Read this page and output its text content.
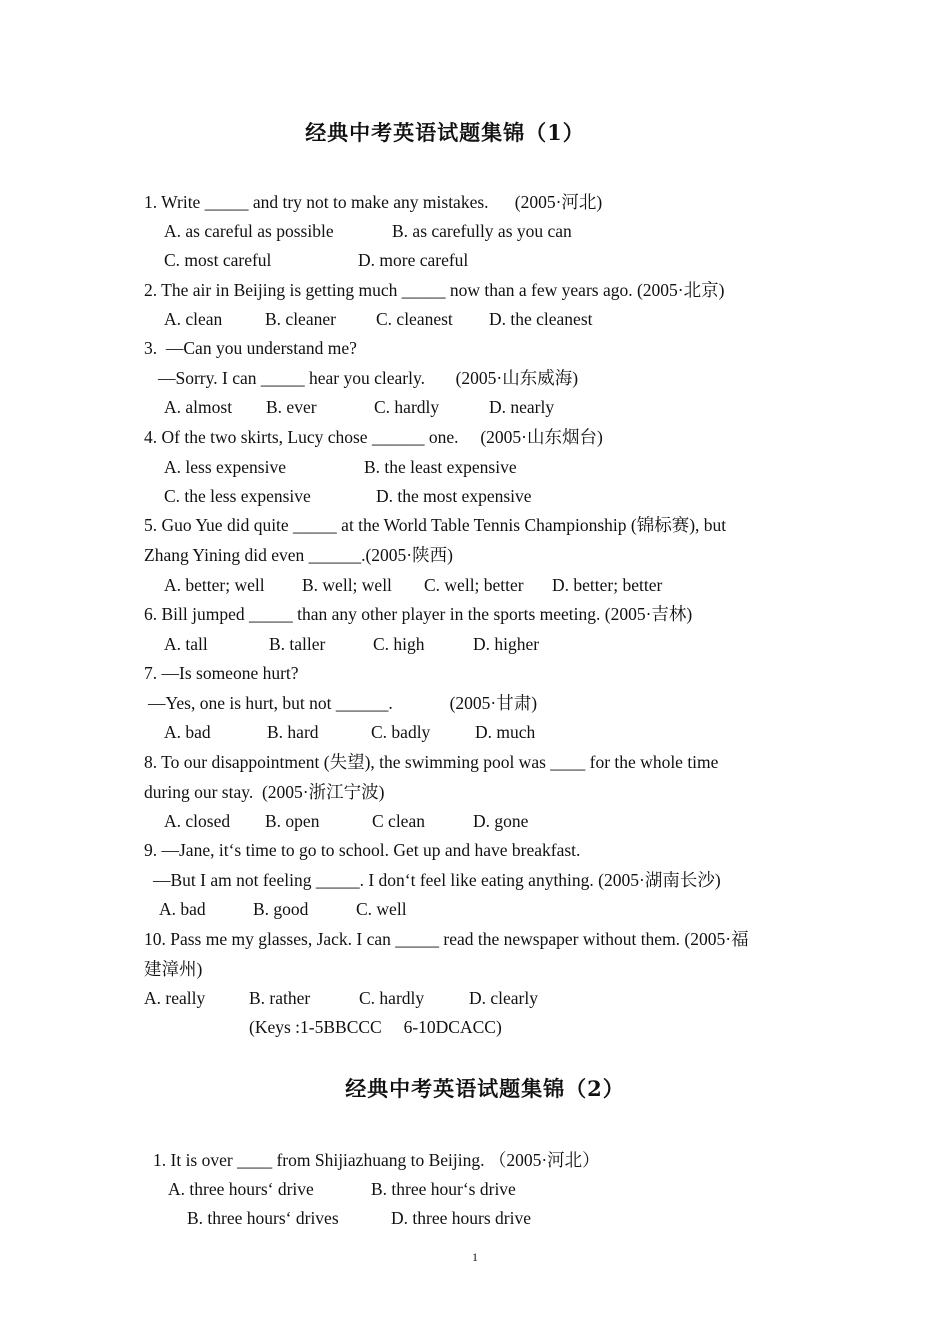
经典中考英语试题集锦（1）
1. Write _____ and try not to make any mistakes.      (2005·河北)
A. as careful as possible	B. as carefully as you can
C. most careful	D. more careful
2. The air in Beijing is getting much _____ now than a few years ago. (2005·北京)
A. clean B. cleaner C. cleanest D. the cleanest
3.  —Can you understand me?
—Sorry. I can _____ hear you clearly.       (2005·山东威海)
A. almost B. ever	C. hardly	D. nearly
4. Of the two skirts, Lucy chose ______ one.     (2005·山东烟台)
A. less expensive	B. the least expensive
C. the less expensive	D. the most expensive
5. Guo Yue did quite _____ at the World Table Tennis Championship (锦标赛), but
Zhang Yining did even ______.(2005·陕西)
A. better; well B. well; well C. well; better D. better; better
6. Bill jumped _____ than any other player in the sports meeting. (2005·吉林)
A. tall	B. taller	C. high	D. higher
7. —Is someone hurt?
—Yes, one is hurt, but not ______.             (2005·甘肃)
A. bad	B. hard	C. badly	D. much
8. To our disappointment (失望), the swimming pool was ____ for the whole time
during our stay.  (2005·浙江宁波)
A. closed B. open	C clean	D. gone
9. —Jane, it‘s time to go to school. Get up and have breakfast.
—But I am not feeling _____. I don‘t feel like eating anything. (2005·湖南长沙)
A. bad	B. good	C. well
10. Pass me my glasses, Jack. I can _____ read the newspaper without them. (2005·福
建漳州)
A. really	B. rather	C. hardly	D. clearly
(Keys :1-5BBCCC     6-10DCACC)
经典中考英语试题集锦（2）
1. It is over ____ from Shijiazhuang to Beijing. （2005·河北）
A. three hours‘ drive	B. three hour‘s drive
B. three hours‘ drives	D. three hours drive
1
